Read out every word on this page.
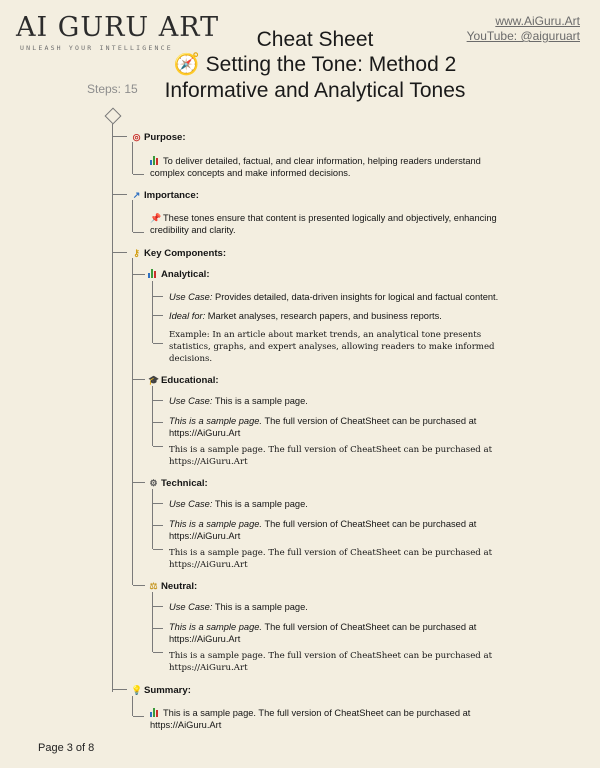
AI GURU ART
UNLEASH YOUR INTELLIGENCE
www.AiGuru.Art
YouTube: @aiguruart
Cheat Sheet
🧭 Setting the Tone: Method 2
Informative and Analytical Tones
Steps: 15
◎ Purpose:
To deliver detailed, factual, and clear information, helping readers understand
complex concepts and make informed decisions.
↗ Importance:
📌 These tones ensure that content is presented logically and objectively, enhancing
credibility and clarity.
⚷ Key Components:
Analytical:
Use Case: Provides detailed, data-driven insights for logical and factual content.
Ideal for: Market analyses, research papers, and business reports.
Example: In an article about market trends, an analytical tone presents
statistics, graphs, and expert analyses, allowing readers to make informed
decisions.
🎓 Educational:
Use Case: This is a sample page.
This is a sample page. The full version of CheatSheet can be purchased at
https://AiGuru.Art
This is a sample page. The full version of CheatSheet can be purchased at
https://AiGuru.Art
⚙ Technical:
Use Case: This is a sample page.
This is a sample page. The full version of CheatSheet can be purchased at
https://AiGuru.Art
This is a sample page. The full version of CheatSheet can be purchased at
https://AiGuru.Art
⚖ Neutral:
Use Case: This is a sample page.
This is a sample page. The full version of CheatSheet can be purchased at
https://AiGuru.Art
This is a sample page. The full version of CheatSheet can be purchased at
https://AiGuru.Art
💡 Summary:
This is a sample page. The full version of CheatSheet can be purchased at
https://AiGuru.Art
Page 3 of 8
